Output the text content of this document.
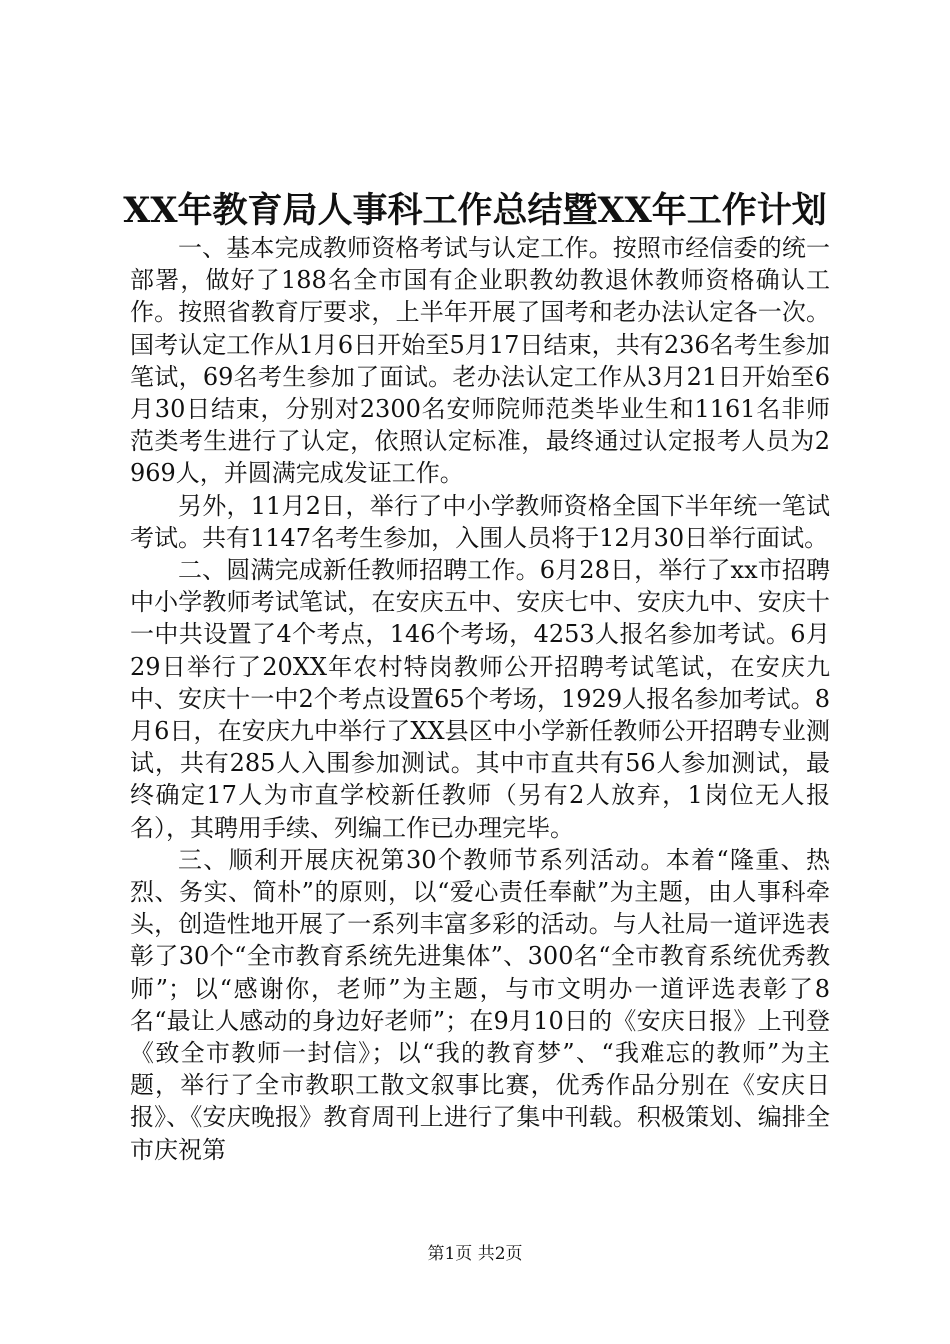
XX年教育局人事科工作总结暨XX年工作计划

一、基本完成教师资格考试与认定工作。按照市经信委的统一部署，做好了188名全市国有企业职教幼教退休教师资格确认工作。按照省教育厅要求，上半年开展了国考和老办法认定各一次。国考认定工作从1月6日开始至5月17日结束，共有236名考生参加笔试，69名考生参加了面试。老办法认定工作从3月21日开始至6月30日结束，分别对2300名安师院师范类毕业生和1161名非师范类考生进行了认定，依照认定标准，最终通过认定报考人员为2969人，并圆满完成发证工作。

另外，11月2日，举行了中小学教师资格全国下半年统一笔试考试。共有1147名考生参加，入围人员将于12月30日举行面试。

二、圆满完成新任教师招聘工作。6月28日，举行了xx市招聘中小学教师考试笔试，在安庆五中、安庆七中、安庆九中、安庆十一中共设置了4个考点，146个考场，4253人报名参加考试。6月29日举行了20XX年农村特岗教师公开招聘考试笔试，在安庆九中、安庆十一中2个考点设置65个考场，1929人报名参加考试。8月6日，在安庆九中举行了XX县区中小学新任教师公开招聘专业测试，共有285人入围参加测试。其中市直共有56人参加测试，最终确定17人为市直学校新任教师（另有2人放弃，1岗位无人报名），其聘用手续、列编工作已办理完毕。

三、顺利开展庆祝第30个教师节系列活动。本着“隆重、热烈、务实、简朴”的原则，以“爱心责任奉献”为主题，由人事科牵头，创造性地开展了一系列丰富多彩的活动。与人社局一道评选表彰了30个“全市教育系统先进集体”、300名“全市教育系统优秀教师”；以“感谢你，老师”为主题，与市文明办一道评选表彰了8名“最让人感动的身边好老师”；在9月10日的《安庆日报》上刊登《致全市教师一封信》；以“我的教育梦”、“我难忘的教师”为主题，举行了全市教职工散文叙事比赛，优秀作品分别在《安庆日报》、《安庆晚报》教育周刊上进行了集中刊载。积极策划、编排全市庆祝第

第1页 共2页
